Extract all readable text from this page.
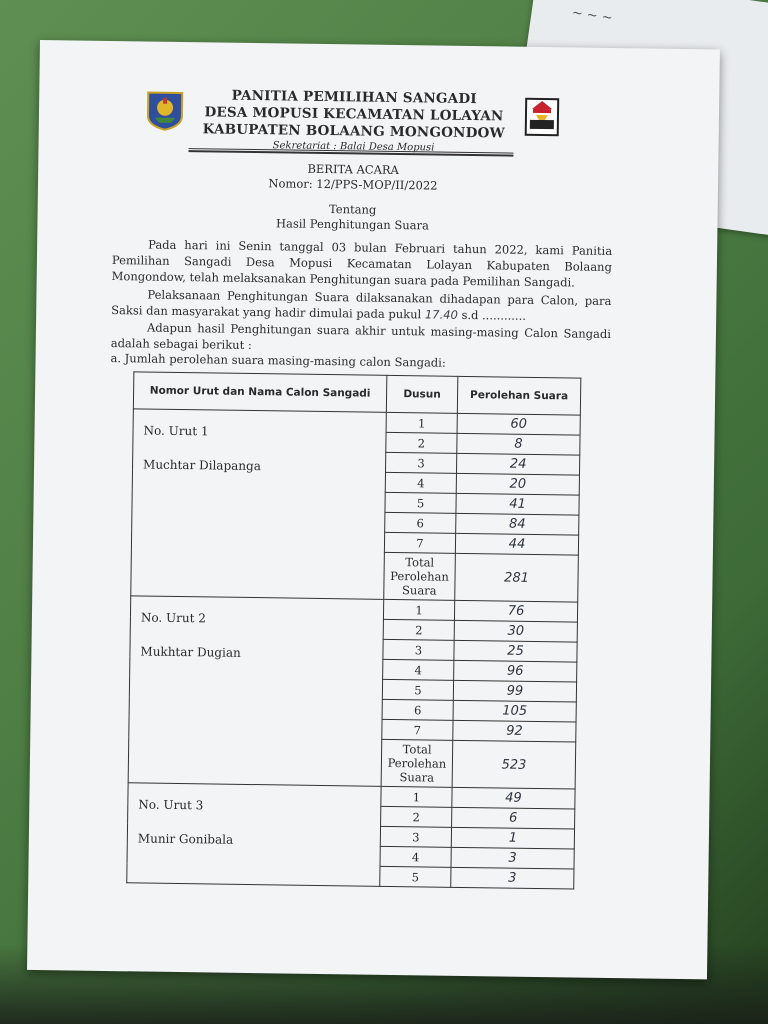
~ ~ ~
PANITIA PEMILIHAN SANGADI
DESA MOPUSI KECAMATAN LOLAYAN
KABUPATEN BOLAANG MONGONDOW
Sekretariat : Balai Desa Mopusi
BERITA ACARA
Nomor: 12/PPS-MOP/II/2022
Tentang
Hasil Penghitungan Suara
Pada hari ini Senin tanggal 03 bulan Februari tahun 2022, kami Panitia Pemilihan Sangadi Desa Mopusi Kecamatan Lolayan Kabupaten Bolaang Mongondow, telah melaksanakan Penghitungan suara pada Pemilihan Sangadi.
Pelaksanaan Penghitungan Suara dilaksanakan dihadapan para Calon, para Saksi dan masyarakat yang hadir dimulai pada pukul 17.40 s.d ............
Adapun hasil Penghitungan suara akhir untuk masing-masing Calon Sangadi adalah sebagai berikut :
a. Jumlah perolehan suara masing-masing calon Sangadi:
Nomor Urut dan Nama Calon Sangadi	Dusun	Perolehan Suara

No. Urut 1
Muchtar Dilapanga	1	60
	2	8
	3	24
	4	20
	5	41
	6	84
	7	44
	Total Perolehan Suara	281

No. Urut 2
Mukhtar Dugian	1	76
	2	30
	3	25
	4	96
	5	99
	6	105
	7	92
	Total Perolehan Suara	523

No. Urut 3
Munir Gonibala	1	49
	2	6
	3	1
	4	3
	5	3
